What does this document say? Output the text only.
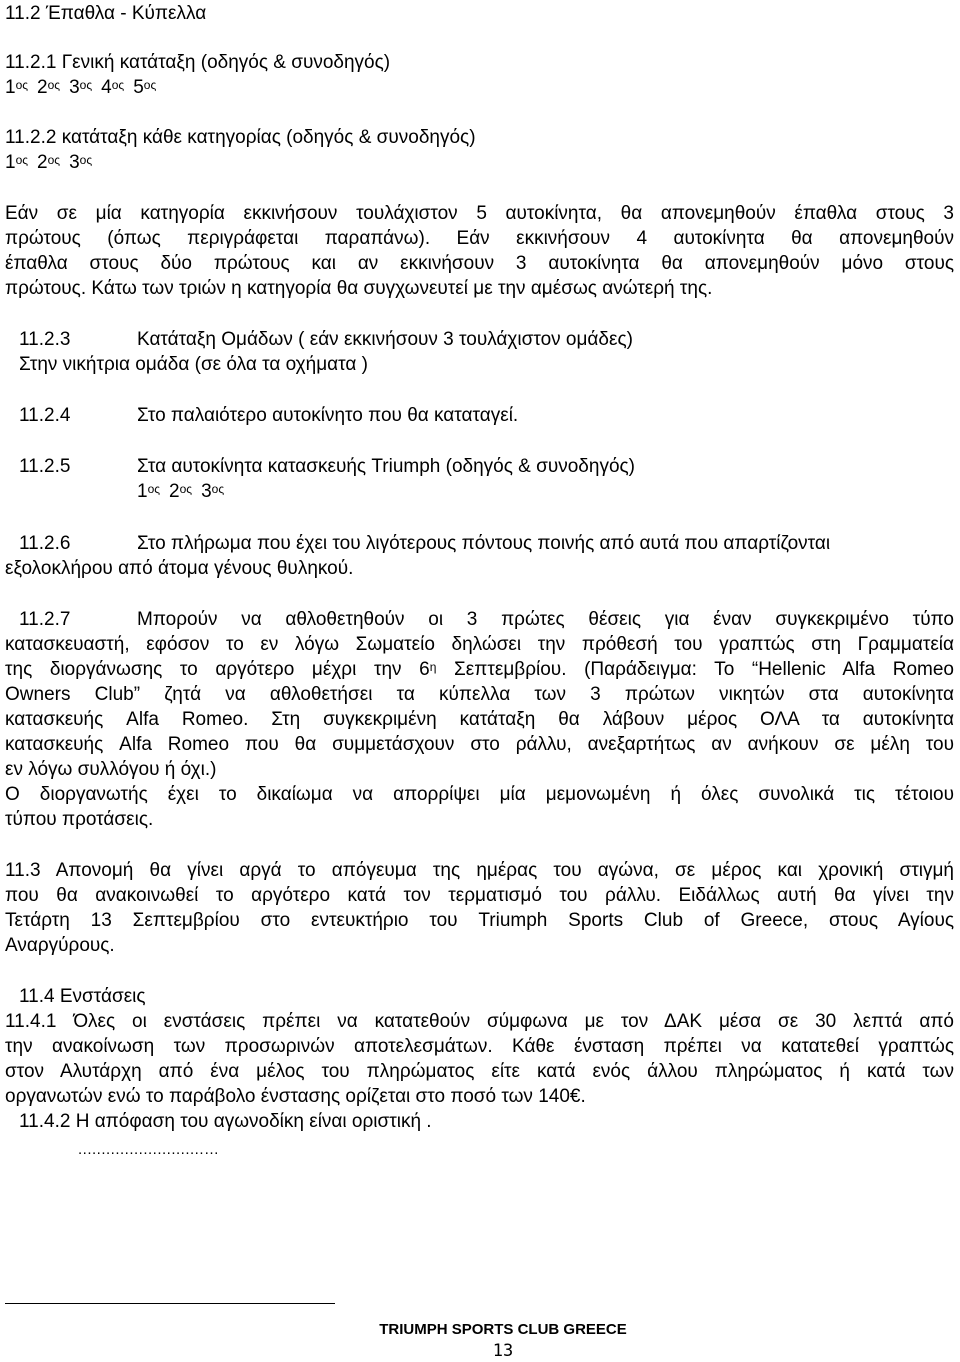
11.2 Έπαθλα - Κύπελλα
11.2.1 Γενική κατάταξη (οδηγός & συνοδηγός)
$1^{o\varsigma}$ $2^{o\varsigma}$ $3^{o\varsigma}$ $4^{o\varsigma}$ $5^{o\varsigma}$
11.2.2 κατάταξη κάθε κατηγορίας (οδηγός & συνοδηγός)
$1^{o\varsigma}$ $2^{o\varsigma}$ $3^{o\varsigma}$
Εάν σε μία κατηγορία εκκινήσουν τουλάχιστον 5 αυτοκίνητα, θα απονεμηθούν έπαθλα στους 3
πρώτους (όπως περιγράφεται παραπάνω). Εάν εκκινήσουν 4 αυτοκίνητα θα απονεμηθούν
έπαθλα στους δύο πρώτους και αν εκκινήσουν 3 αυτοκίνητα θα απονεμηθούν μόνο στους
πρώτους. Κάτω των τριών η κατηγορία θα συγχωνευτεί με την αμέσως ανώτερή της.
11.2.3	Κατάταξη Ομάδων ( εάν εκκινήσουν 3 τουλάχιστον ομάδες)
Στην νικήτρια ομάδα (σε όλα τα οχήματα )
11.2.4	Στο παλαιότερο αυτοκίνητο που θα καταταγεί.
11.2.5	Στα αυτοκίνητα κατασκευής Triumph (οδηγός & συνοδηγός)
$1^{o\varsigma}$ $2^{o\varsigma}$ $3^{o\varsigma}$
11.2.6	Στο πλήρωμα που έχει του λιγότερους πόντους ποινής από αυτά που απαρτίζονται
εξολοκλήρου από άτομα γένους θυληκού.
11.2.7	Μπορούν να αθλοθετηθούν οι 3 πρώτες θέσεις για έναν συγκεκριμένο τύπο
κατασκευαστή, εφόσον το εν λόγω Σωματείο δηλώσει την πρόθεσή του γραπτώς στη Γραμματεία
της διοργάνωσης το αργότερο μέχρι την $6^\eta$ Σεπτεμβρίου. (Παράδειγμα: Το “Hellenic Alfa Romeo
Owners Club” ζητά να αθλοθετήσει τα κύπελλα των 3 πρώτων νικητών στα αυτοκίνητα
κατασκευής Alfa Romeo. Στη συγκεκριμένη κατάταξη θα λάβουν μέρος ΟΛΑ τα αυτοκίνητα
κατασκευής Alfa Romeo που θα συμμετάσχουν στο ράλλυ, ανεξαρτήτως αν ανήκουν σε μέλη του
εν λόγω συλλόγου ή όχι.)
Ο διοργανωτής έχει το δικαίωμα να απορρίψει μία μεμονωμένη ή όλες συνολικά τις τέτοιου
τύπου προτάσεις.
11.3 Απονομή θα γίνει αργά το απόγευμα της ημέρας του αγώνα, σε μέρος και χρονική στιγμή
που θα ανακοινωθεί το αργότερο κατά τον τερματισμό του ράλλυ. Ειδάλλως αυτή θα γίνει την
Τετάρτη 13 Σεπτεμβρίου στο εντευκτήριο του Triumph Sports Club of Greece, στους Αγίους
Αναργύρους.
11.4 Ενστάσεις
11.4.1 Όλες οι ενστάσεις πρέπει να κατατεθούν σύμφωνα με τον ΔΑΚ μέσα σε 30 λεπτά από
την ανακοίνωση των προσωρινών αποτελεσμάτων. Κάθε ένσταση πρέπει να κατατεθεί γραπτώς
στον Αλυτάρχη από ένα μέλος του πληρώματος είτε κατά ενός άλλου πληρώματος ή κατά των
οργανωτών ενώ το παράβολο ένστασης ορίζεται στο ποσό των 140€.
11.4.2 Η απόφαση του αγωνοδίκη είναι οριστική .
...........................…
TRIUMPH SPORTS CLUB GREECE
13
